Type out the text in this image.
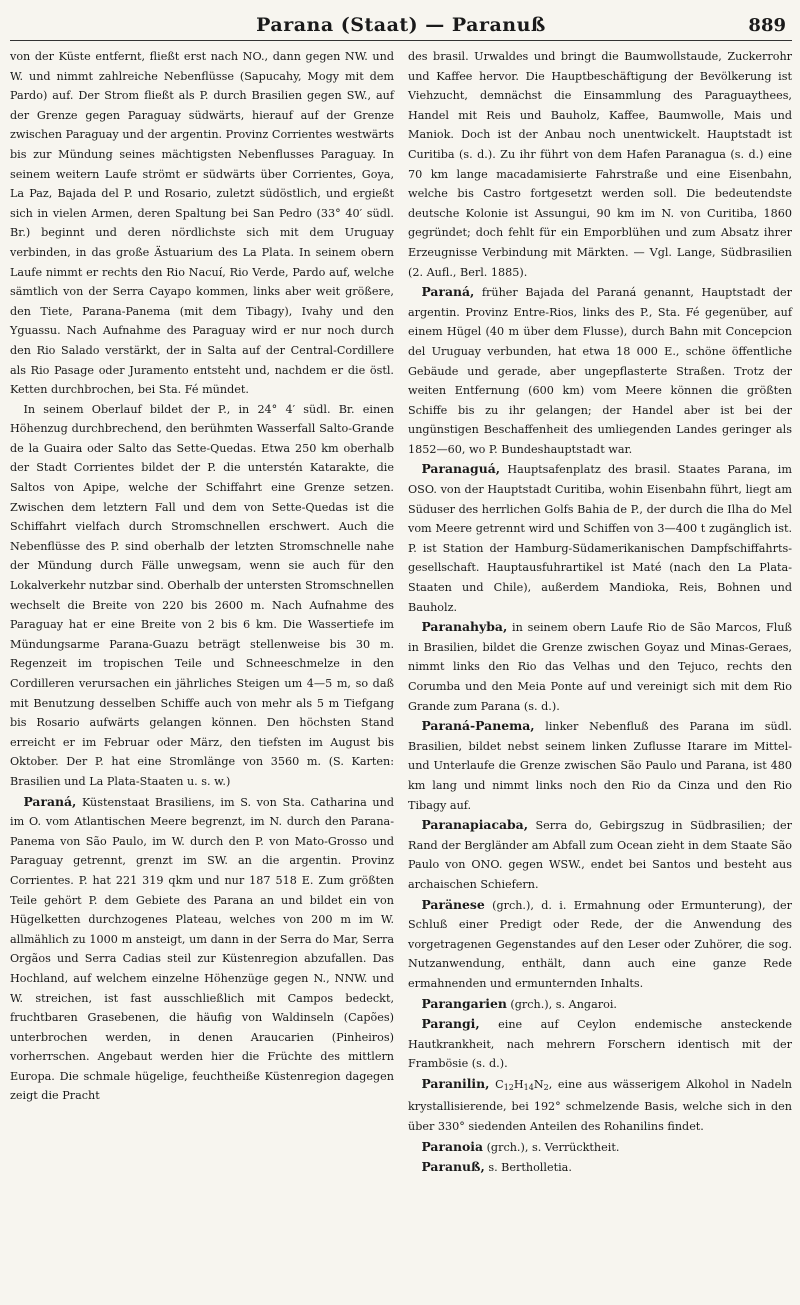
Parana (Staat) — Paranuß	889

von der Küste entfernt, fließt erst nach NO., dann gegen NW. und W. und nimmt zahlreiche Nebenflüsse (Sapucahy, Mogy mit dem Pardo) auf. Der Strom fließt als P. durch Brasilien gegen SW., auf der Grenze gegen Paraguay südwärts, hierauf auf der Grenze zwischen Paraguay und der argentin. Provinz Corrientes westwärts bis zur Mündung seines mächtigsten Nebenflusses Paraguay. In seinem weitern Laufe strömt er südwärts über Corrientes, Goya, La Paz, Bajada del P. und Rosario, zuletzt südöstlich, und ergießt sich in vielen Armen, deren Spaltung bei San Pedro (33° 40′ südl. Br.) beginnt und deren nördlichste sich mit dem Uruguay verbinden, in das große Ästuarium des La Plata. In seinem obern Laufe nimmt er rechts den Rio Nacuí, Rio Verde, Pardo auf, welche sämtlich von der Serra Cayapo kommen, links aber weit größere, den Tiete, Parana-Panema (mit dem Tibagy), Ivahy und den Yguassu. Nach Aufnahme des Paraguay wird er nur noch durch den Rio Salado verstärkt, der in Salta auf der Central-Cordillere als Rio Pasage oder Juramento entsteht und, nachdem er die östl. Ketten durchbrochen, bei Sta. Fé mündet.

In seinem Oberlauf bildet der P., in 24° 4′ südl. Br. einen Höhenzug durchbrechend, den berühmten Wasserfall Salto-Grande de la Guaira oder Salto das Sette-Quedas. Etwa 250 km oberhalb der Stadt Corrientes bildet der P. die unterstén Katarakte, die Saltos von Apipe, welche der Schiffahrt eine Grenze setzen. Zwischen dem letztern Fall und dem von Sette-Quedas ist die Schiffahrt vielfach durch Stromschnellen erschwert. Auch die Nebenflüsse des P. sind oberhalb der letzten Stromschnelle nahe der Mündung durch Fälle unwegsam, wenn sie auch für den Lokalverkehr nutzbar sind. Oberhalb der untersten Stromschnellen wechselt die Breite von 220 bis 2600 m. Nach Aufnahme des Paraguay hat er eine Breite von 2 bis 6 km. Die Wassertiefe im Mündungsarme Parana-Guazu beträgt stellenweise bis 30 m. Regenzeit im tropischen Teile und Schneeschmelze in den Cordilleren verursachen ein jährliches Steigen um 4—5 m, so daß mit Benutzung desselben Schiffe auch von mehr als 5 m Tiefgang bis Rosario aufwärts gelangen können. Den höchsten Stand erreicht er im Februar oder März, den tiefsten im August bis Oktober. Der P. hat eine Stromlänge von 3560 m. (S. Karten: Brasilien und La Plata-Staaten u. s. w.)

Paraná, Küstenstaat Brasiliens, im S. von Sta. Catharina und im O. vom Atlantischen Meere begrenzt, im N. durch den Parana-Panema von São Paulo, im W. durch den P. von Mato-Grosso und Paraguay getrennt, grenzt im SW. an die argentin. Provinz Corrientes. P. hat 221 319 qkm und nur 187 518 E. Zum größten Teile gehört P. dem Gebiete des Parana an und bildet ein von Hügelketten durchzogenes Plateau, welches von 200 m im W. allmählich zu 1000 m ansteigt, um dann in der Serra do Mar, Serra Orgãos und Serra Cadias steil zur Küstenregion abzufallen. Das Hochland, auf welchem einzelne Höhenzüge gegen N., NNW. und W. streichen, ist fast ausschließlich mit Campos bedeckt, fruchtbaren Grasebenen, die häufig von Waldinseln (Capões) unterbrochen werden, in denen Araucarien (Pinheiros) vorherrschen. Angebaut werden hier die Früchte des mittlern Europa. Die schmale hügelige, feuchtheiße Küstenregion dagegen zeigt die Pracht

des brasil. Urwaldes und bringt die Baumwollstaude, Zuckerrohr und Kaffee hervor. Die Hauptbeschäftigung der Bevölkerung ist Viehzucht, demnächst die Einsammlung des Paraguaythees, Handel mit Reis und Bauholz, Kaffee, Baumwolle, Mais und Maniok. Doch ist der Anbau noch unentwickelt. Hauptstadt ist Curitiba (s. d.). Zu ihr führt von dem Hafen Paranagua (s. d.) eine 70 km lange macadamisierte Fahrstraße und eine Eisenbahn, welche bis Castro fortgesetzt werden soll. Die bedeutendste deutsche Kolonie ist Assungui, 90 km im N. von Curitiba, 1860 gegründet; doch fehlt für ein Emporblühen und zum Absatz ihrer Erzeugnisse Verbindung mit Märkten. — Vgl. Lange, Südbrasilien (2. Aufl., Berl. 1885).

Paraná, früher Bajada del Paraná genannt, Hauptstadt der argentin. Provinz Entre-Rios, links des P., Sta. Fé gegenüber, auf einem Hügel (40 m über dem Flusse), durch Bahn mit Concepcion del Uruguay verbunden, hat etwa 18 000 E., schöne öffentliche Gebäude und gerade, aber ungepflasterte Straßen. Trotz der weiten Entfernung (600 km) vom Meere können die größten Schiffe bis zu ihr gelangen; der Handel aber ist bei der ungünstigen Beschaffenheit des umliegenden Landes geringer als 1852—60, wo P. Bundeshauptstadt war.

Paranaguá, Hauptsafenplatz des brasil. Staates Parana, im OSO. von der Hauptstadt Curitiba, wohin Eisenbahn führt, liegt am Süduser des herrlichen Golfs Bahia de P., der durch die Ilha do Mel vom Meere getrennt wird und Schiffen von 3—400 t zugänglich ist. P. ist Station der Hamburg-Südamerikanischen Dampfschiffahrts-gesellschaft. Hauptausfuhrartikel ist Maté (nach den La Plata-Staaten und Chile), außerdem Mandioka, Reis, Bohnen und Bauholz.

Paranahyba, in seinem obern Laufe Rio de São Marcos, Fluß in Brasilien, bildet die Grenze zwischen Goyaz und Minas-Geraes, nimmt links den Rio das Velhas und den Tejuco, rechts den Corumba und den Meia Ponte auf und vereinigt sich mit dem Rio Grande zum Parana (s. d.).

Paraná-Panema, linker Nebenfluß des Parana im südl. Brasilien, bildet nebst seinem linken Zuflusse Itarare im Mittel- und Unterlaufe die Grenze zwischen São Paulo und Parana, ist 480 km lang und nimmt links noch den Rio da Cinza und den Rio Tibagy auf.

Paranapiacaba, Serra do, Gebirgszug in Südbrasilien; der Rand der Bergländer am Abfall zum Ocean zieht in dem Staate São Paulo von ONO. gegen WSW., endet bei Santos und besteht aus archaischen Schiefern.

Paränese (grch.), d. i. Ermahnung oder Ermunterung), der Schluß einer Predigt oder Rede, der die Anwendung des vorgetragenen Gegenstandes auf den Leser oder Zuhörer, die sog. Nutzanwendung, enthält, dann auch eine ganze Rede ermahnenden und ermunternden Inhalts.

Parangarien (grch.), s. Angaroi.

Parangi, eine auf Ceylon endemische ansteckende Hautkrankheit, nach mehrern Forschern identisch mit der Frambösie (s. d.).

Paranilin, $C_{12}H_{14}N_2$, eine aus wässerigem Alkohol in Nadeln krystallisierende, bei 192° schmelzende Basis, welche sich in den über 330° siedenden Anteilen des Rohanilins findet.

Paranoia (grch.), s. Verrücktheit.

Paranuß, s. Bertholletia.
